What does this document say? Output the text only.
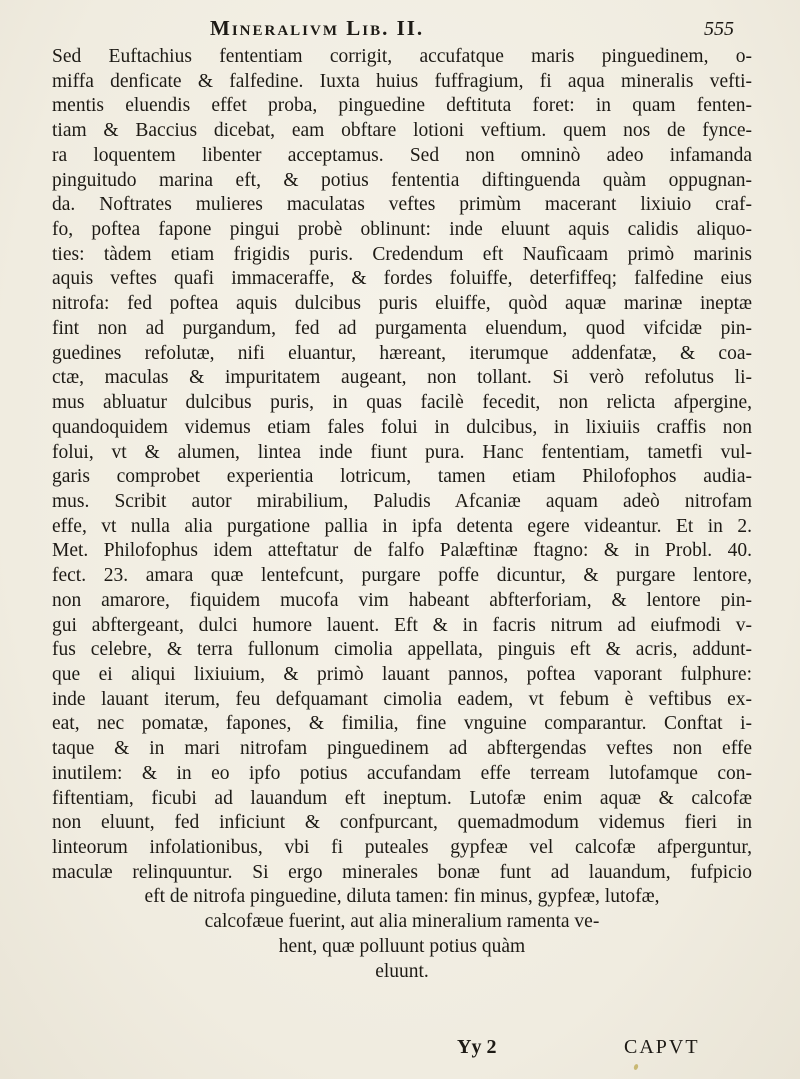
Mineralivm Lib. II.	555
Sed Euftachius fententiam corrigit, accufatque maris pinguedinem, o-
miffa denficate & falfedine. Iuxta huius fuffragium, fi aqua mineralis vefti-
mentis eluendis effet proba, pinguedine deftituta foret: in quam fenten-
tiam & Baccius dicebat, eam obftare lotioni veftium. quem nos de fynce-
ra loquentem libenter acceptamus. Sed non omninò adeo infamanda
pinguitudo marina eft, & potius fententia diftinguenda quàm oppugnan-
da. Noftrates mulieres maculatas veftes primùm macerant lixiuio craf-
fo, poftea fapone pingui probè oblinunt: inde eluunt aquis calidis aliquo-
ties: tàdem etiam frigidis puris. Credendum eft Naufìcaam primò marinis
aquis veftes quafi immaceraffe, & fordes foluiffe, deterfiffeq; falfedine eius
nitrofa: fed poftea aquis dulcibus puris eluiffe, quòd aquæ marinæ ineptæ
fint non ad purgandum, fed ad purgamenta eluendum, quod vifcidæ pin-
guedines refolutæ, nifi eluantur, hæreant, iterumque addenfatæ, & coa-
ctæ, maculas & impuritatem augeant, non tollant. Si verò refolutus li-
mus abluatur dulcibus puris, in quas facilè fecedit, non relicta afpergine,
quandoquidem videmus etiam fales folui in dulcibus, in lixiuiis craffis non
folui, vt & alumen, lintea inde fiunt pura. Hanc fententiam, tametfi vul-
garis comprobet experientia lotricum, tamen etiam Philofophos audia-
mus. Scribit autor mirabilium, Paludis Afcaniæ aquam adeò nitrofam
effe, vt nulla alia purgatione pallia in ipfa detenta egere videantur. Et in 2.
Met. Philofophus idem atteftatur de falfo Palæftinæ ftagno: & in Probl. 40.
fect. 23. amara quæ lentefcunt, purgare poffe dicuntur, & purgare lentore,
non amarore, fiquidem mucofa vim habeant abfterforiam, & lentore pin-
gui abftergeant, dulci humore lauent. Eft & in facris nitrum ad eiufmodi v-
fus celebre, & terra fullonum cimolia appellata, pinguis eft & acris, addunt-
que ei aliqui lixiuium, & primò lauant pannos, poftea vaporant fulphure:
inde lauant iterum, feu defquamant cimolia eadem, vt febum è veftibus ex-
eat, nec pomatæ, fapones, & fimilia, fine vnguine comparantur. Conftat i-
taque & in mari nitrofam pinguedinem ad abftergendas veftes non effe
inutilem: & in eo ipfo potius accufandam effe terream lutofamque con-
fiftentiam, ficubi ad lauandum eft ineptum. Lutofæ enim aquæ & calcofæ
non eluunt, fed inficiunt & confpurcant, quemadmodum videmus fieri in
linteorum infolationibus, vbi fi puteales gypfeæ vel calcofæ afperguntur,
maculæ relinquuntur. Si ergo minerales bonæ funt ad lauandum, fufpicio
eft de nitrofa pinguedine, diluta tamen: fin minus, gypfeæ, lutofæ,
calcofæue fuerint, aut alia mineralium ramenta ve-
hent, quæ polluunt potius quàm
eluunt.
Yy 2	CAPVT
